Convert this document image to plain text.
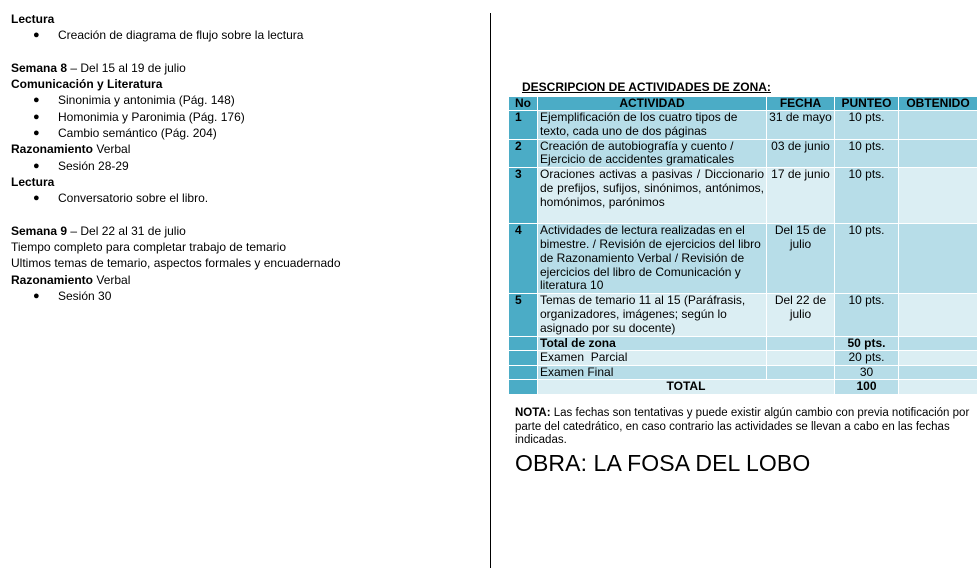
Lectura
● Creación de diagrama de flujo sobre la lectura
Semana 8 – Del 15 al 19 de julio
Comunicación y Literatura
● Sinonimia y antonimia (Pág. 148)
● Homonimia y Paronimia (Pág. 176)
● Cambio semántico (Pág. 204)
Razonamiento Verbal
● Sesión 28-29
Lectura
● Conversatorio sobre el libro.
Semana 9 – Del 22 al 31 de julio
Tiempo completo para completar trabajo de temario
Ultimos temas de temario, aspectos formales y encuadernado
Razonamiento Verbal
● Sesión 30
DESCRIPCION DE ACTIVIDADES DE ZONA:
No	ACTIVIDAD	FECHA	PUNTEO	OBTENIDO
1	Ejemplificación de los cuatro tipos de texto, cada uno de dos páginas	31 de mayo	10 pts.	
2	Creación de autobiografía y cuento / Ejercicio de accidentes gramaticales	03 de junio	10 pts.	
3	Oraciones activas a pasivas / Diccionario de prefijos, sufijos, sinónimos, antónimos, homónimos, parónimos	17 de junio	10 pts.	
4	Actividades de lectura realizadas en el bimestre. / Revisión de ejercicios del libro de Razonamiento Verbal / Revisión de ejercicios del libro de Comunicación y literatura 10	Del 15 de julio	10 pts.	
5	Temas de temario 11 al 15 (Paráfrasis, organizadores, imágenes; según lo asignado por su docente)	Del 22 de julio	10 pts.	
	Total de zona		50 pts.	
	Examen  Parcial		20 pts.	
	Examen Final		30	
	TOTAL		100	
NOTA: Las fechas son tentativas y puede existir algún cambio con previa notificación por parte del catedrático, en caso contrario las actividades se llevan a cabo en las fechas indicadas.
OBRA: LA FOSA DEL LOBO
